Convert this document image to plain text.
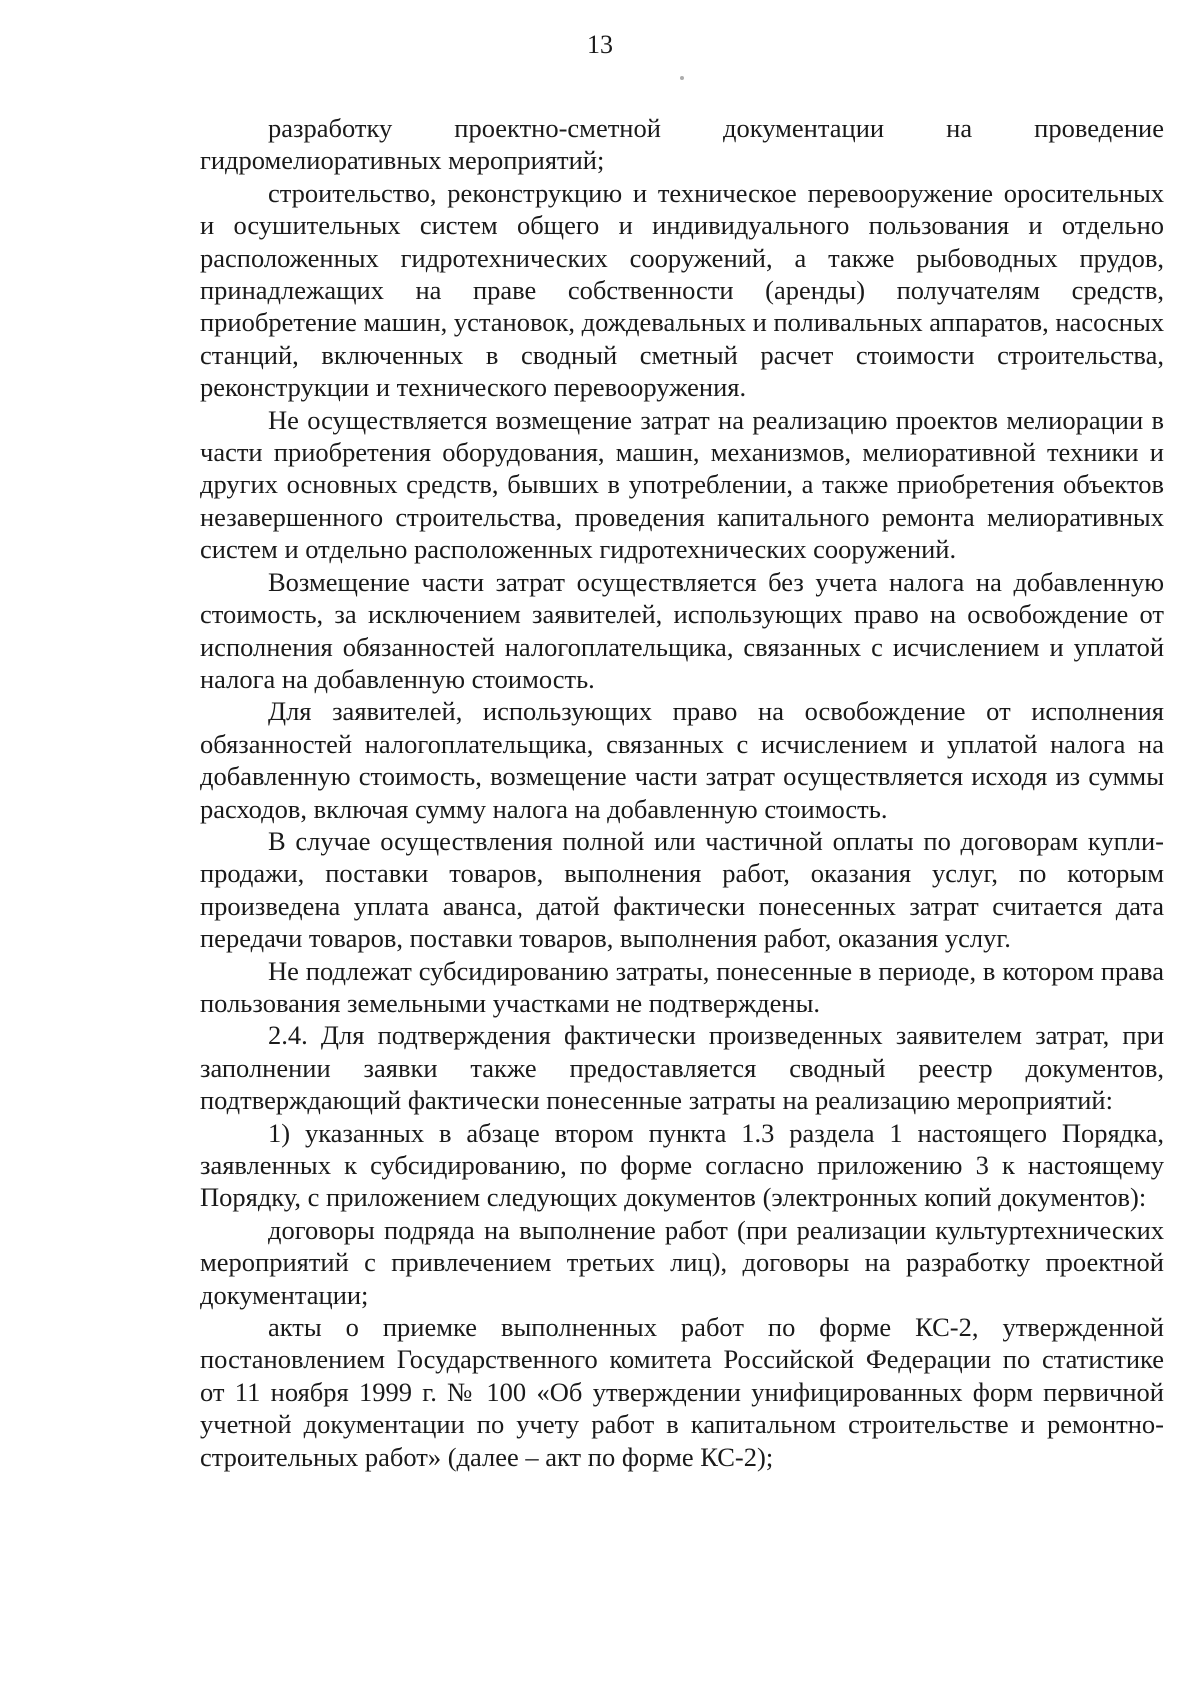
13

разработку проектно-сметной документации на проведение гидромелиоративных мероприятий;

строительство, реконструкцию и техническое перевооружение оросительных и осушительных систем общего и индивидуального пользования и отдельно расположенных гидротехнических сооружений, а также рыбоводных прудов, принадлежащих на праве собственности (аренды) получателям средств, приобретение машин, установок, дождевальных и поливальных аппаратов, насосных станций, включенных в сводный сметный расчет стоимости строительства, реконструкции и технического перевооружения.

Не осуществляется возмещение затрат на реализацию проектов мелиорации в части приобретения оборудования, машин, механизмов, мелиоративной техники и других основных средств, бывших в употреблении, а также приобретения объектов незавершенного строительства, проведения капитального ремонта мелиоративных систем и отдельно расположенных гидротехнических сооружений.

Возмещение части затрат осуществляется без учета налога на добавленную стоимость, за исключением заявителей, использующих право на освобождение от исполнения обязанностей налогоплательщика, связанных с исчислением и уплатой налога на добавленную стоимость.

Для заявителей, использующих право на освобождение от исполнения обязанностей налогоплательщика, связанных с исчислением и уплатой налога на добавленную стоимость, возмещение части затрат осуществляется исходя из суммы расходов, включая сумму налога на добавленную стоимость.

В случае осуществления полной или частичной оплаты по договорам купли-продажи, поставки товаров, выполнения работ, оказания услуг, по которым произведена уплата аванса, датой фактически понесенных затрат считается дата передачи товаров, поставки товаров, выполнения работ, оказания услуг.

Не подлежат субсидированию затраты, понесенные в периоде, в котором права пользования земельными участками не подтверждены.

2.4. Для подтверждения фактически произведенных заявителем затрат, при заполнении заявки также предоставляется сводный реестр документов, подтверждающий фактически понесенные затраты на реализацию мероприятий:

1) указанных в абзаце втором пункта 1.3 раздела 1 настоящего Порядка, заявленных к субсидированию, по форме согласно приложению 3 к настоящему Порядку, с приложением следующих документов (электронных копий документов):

договоры подряда на выполнение работ (при реализации культуртехнических мероприятий с привлечением третьих лиц), договоры на разработку проектной документации;

акты о приемке выполненных работ по форме КС-2, утвержденной постановлением Государственного комитета Российской Федерации по статистике от 11 ноября 1999 г. № 100 «Об утверждении унифицированных форм первичной учетной документации по учету работ в капитальном строительстве и ремонтно-строительных работ» (далее – акт по форме КС-2);
